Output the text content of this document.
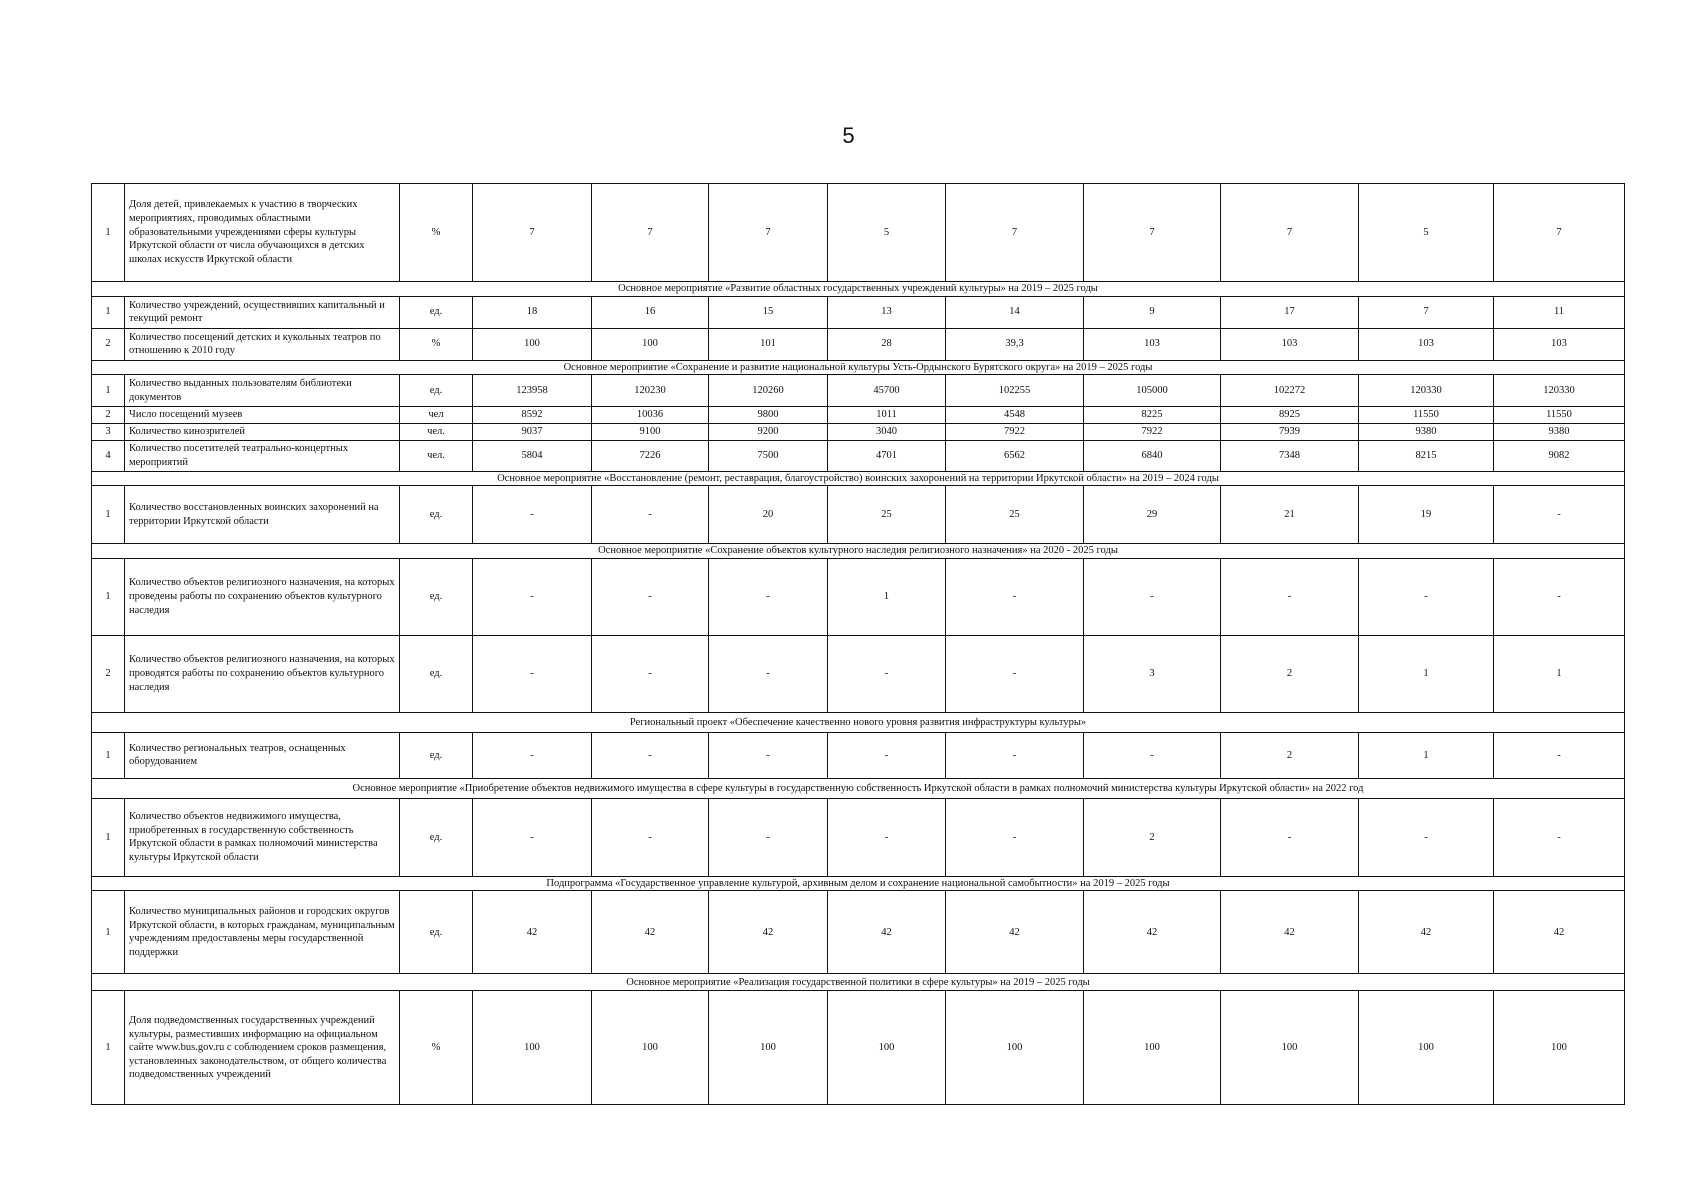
5
1	Доля детей, привлекаемых к участию в творческих мероприятиях, проводимых областными образовательными учреждениями сферы культуры Иркутской области от числа обучающихся в детских школах искусств Иркутской области	%	7	7	7	5	7	7	7	5	7
Основное мероприятие «Развитие областных государственных учреждений культуры» на 2019 – 2025 годы											
1	Количество учреждений, осуществивших капитальный и текущий ремонт	ед.	18	16	15	13	14	9	17	7	11
2	Количество посещений детских и кукольных театров по отношению к 2010 году	%	100	100	101	28	39,3	103	103	103	103
Основное мероприятие «Сохранение и развитие национальной культуры Усть-Ордынского Бурятского округа» на 2019 – 2025 годы											
1	Количество выданных пользователям библиотеки документов	ед.	123958	120230	120260	45700	102255	105000	102272	120330	120330
2	Число посещений музеев	чел	8592	10036	9800	1011	4548	8225	8925	11550	11550
3	Количество кинозрителей	чел.	9037	9100	9200	3040	7922	7922	7939	9380	9380
4	Количество посетителей театрально-концертных мероприятий	чел.	5804	7226	7500	4701	6562	6840	7348	8215	9082
Основное мероприятие «Восстановление (ремонт, реставрация, благоустройство) воинских захоронений на территории Иркутской области» на 2019 – 2024 годы											
1	Количество восстановленных воинских захоронений на территории Иркутской области	ед.	-	-	20	25	25	29	21	19	-
Основное мероприятие «Сохранение объектов культурного наследия религиозного назначения» на 2020 - 2025 годы											
1	Количество объектов религиозного назначения, на которых проведены работы по сохранению объектов культурного наследия	ед.	-	-	-	1	-	-	-	-	-
2	Количество объектов религиозного назначения, на которых проводятся работы по сохранению объектов культурного наследия	ед.	-	-	-	-	-	3	2	1	1
Региональный проект «Обеспечение качественно нового уровня развития инфраструктуры культуры»											
1	Количество региональных театров, оснащенных оборудованием	ед.	-	-	-	-	-	-	2	1	-
Основное мероприятие «Приобретение объектов недвижимого имущества в сфере культуры в государственную собственность Иркутской области в рамках полномочий министерства культуры Иркутской области» на 2022 год											
1	Количество объектов недвижимого имущества, приобретенных в государственную собственность Иркутской области в рамках полномочий министерства культуры Иркутской области	ед.	-	-	-	-	-	2	-	-	-
Подпрограмма «Государственное управление культурой, архивным делом и сохранение национальной самобытности» на 2019 – 2025 годы											
1	Количество муниципальных районов и городских округов Иркутской области, в которых гражданам, муниципальным учреждениям предоставлены меры государственной поддержки	ед.	42	42	42	42	42	42	42	42	42
Основное мероприятие «Реализация государственной политики в сфере культуры» на 2019 – 2025 годы											
1	Доля подведомственных государственных учреждений культуры, разместивших информацию на официальном сайте www.bus.gov.ru с соблюдением сроков размещения, установленных законодательством, от общего количества подведомственных учреждений	%	100	100	100	100	100	100	100	100	100
